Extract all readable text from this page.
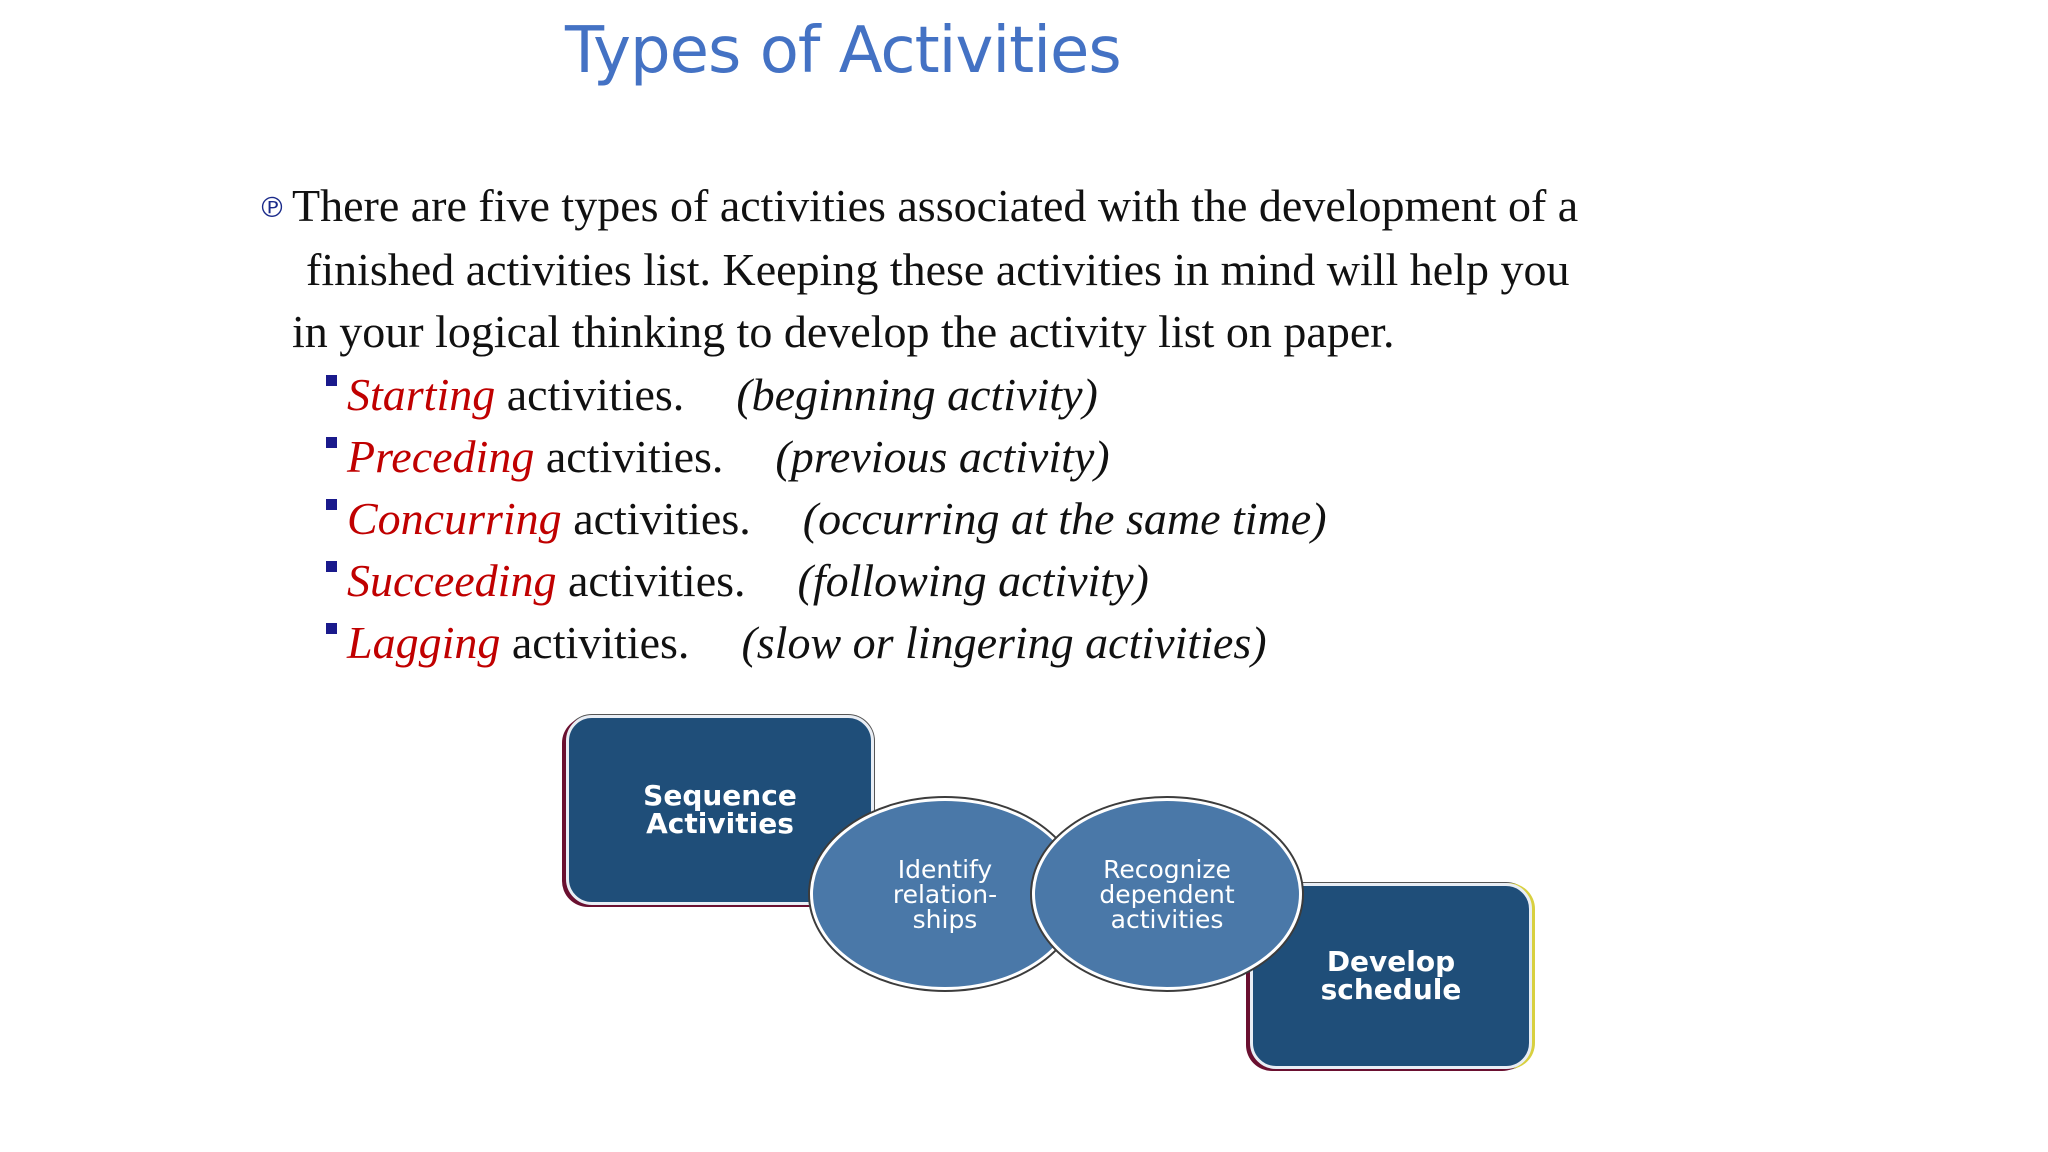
Types of Activities
℗ There are five types of activities associated with the development of a
finished activities list. Keeping these activities in mind will help you
in your logical thinking to develop the activity list on paper.
Starting activities. (beginning activity)
Preceding activities. (previous activity)
Concurring activities. (occurring at the same time)
Succeeding activities. (following activity)
Lagging activities. (slow or lingering activities)
Sequence
Activities
Develop
schedule
Identify
relation-
ships
Recognize
dependent
activities
